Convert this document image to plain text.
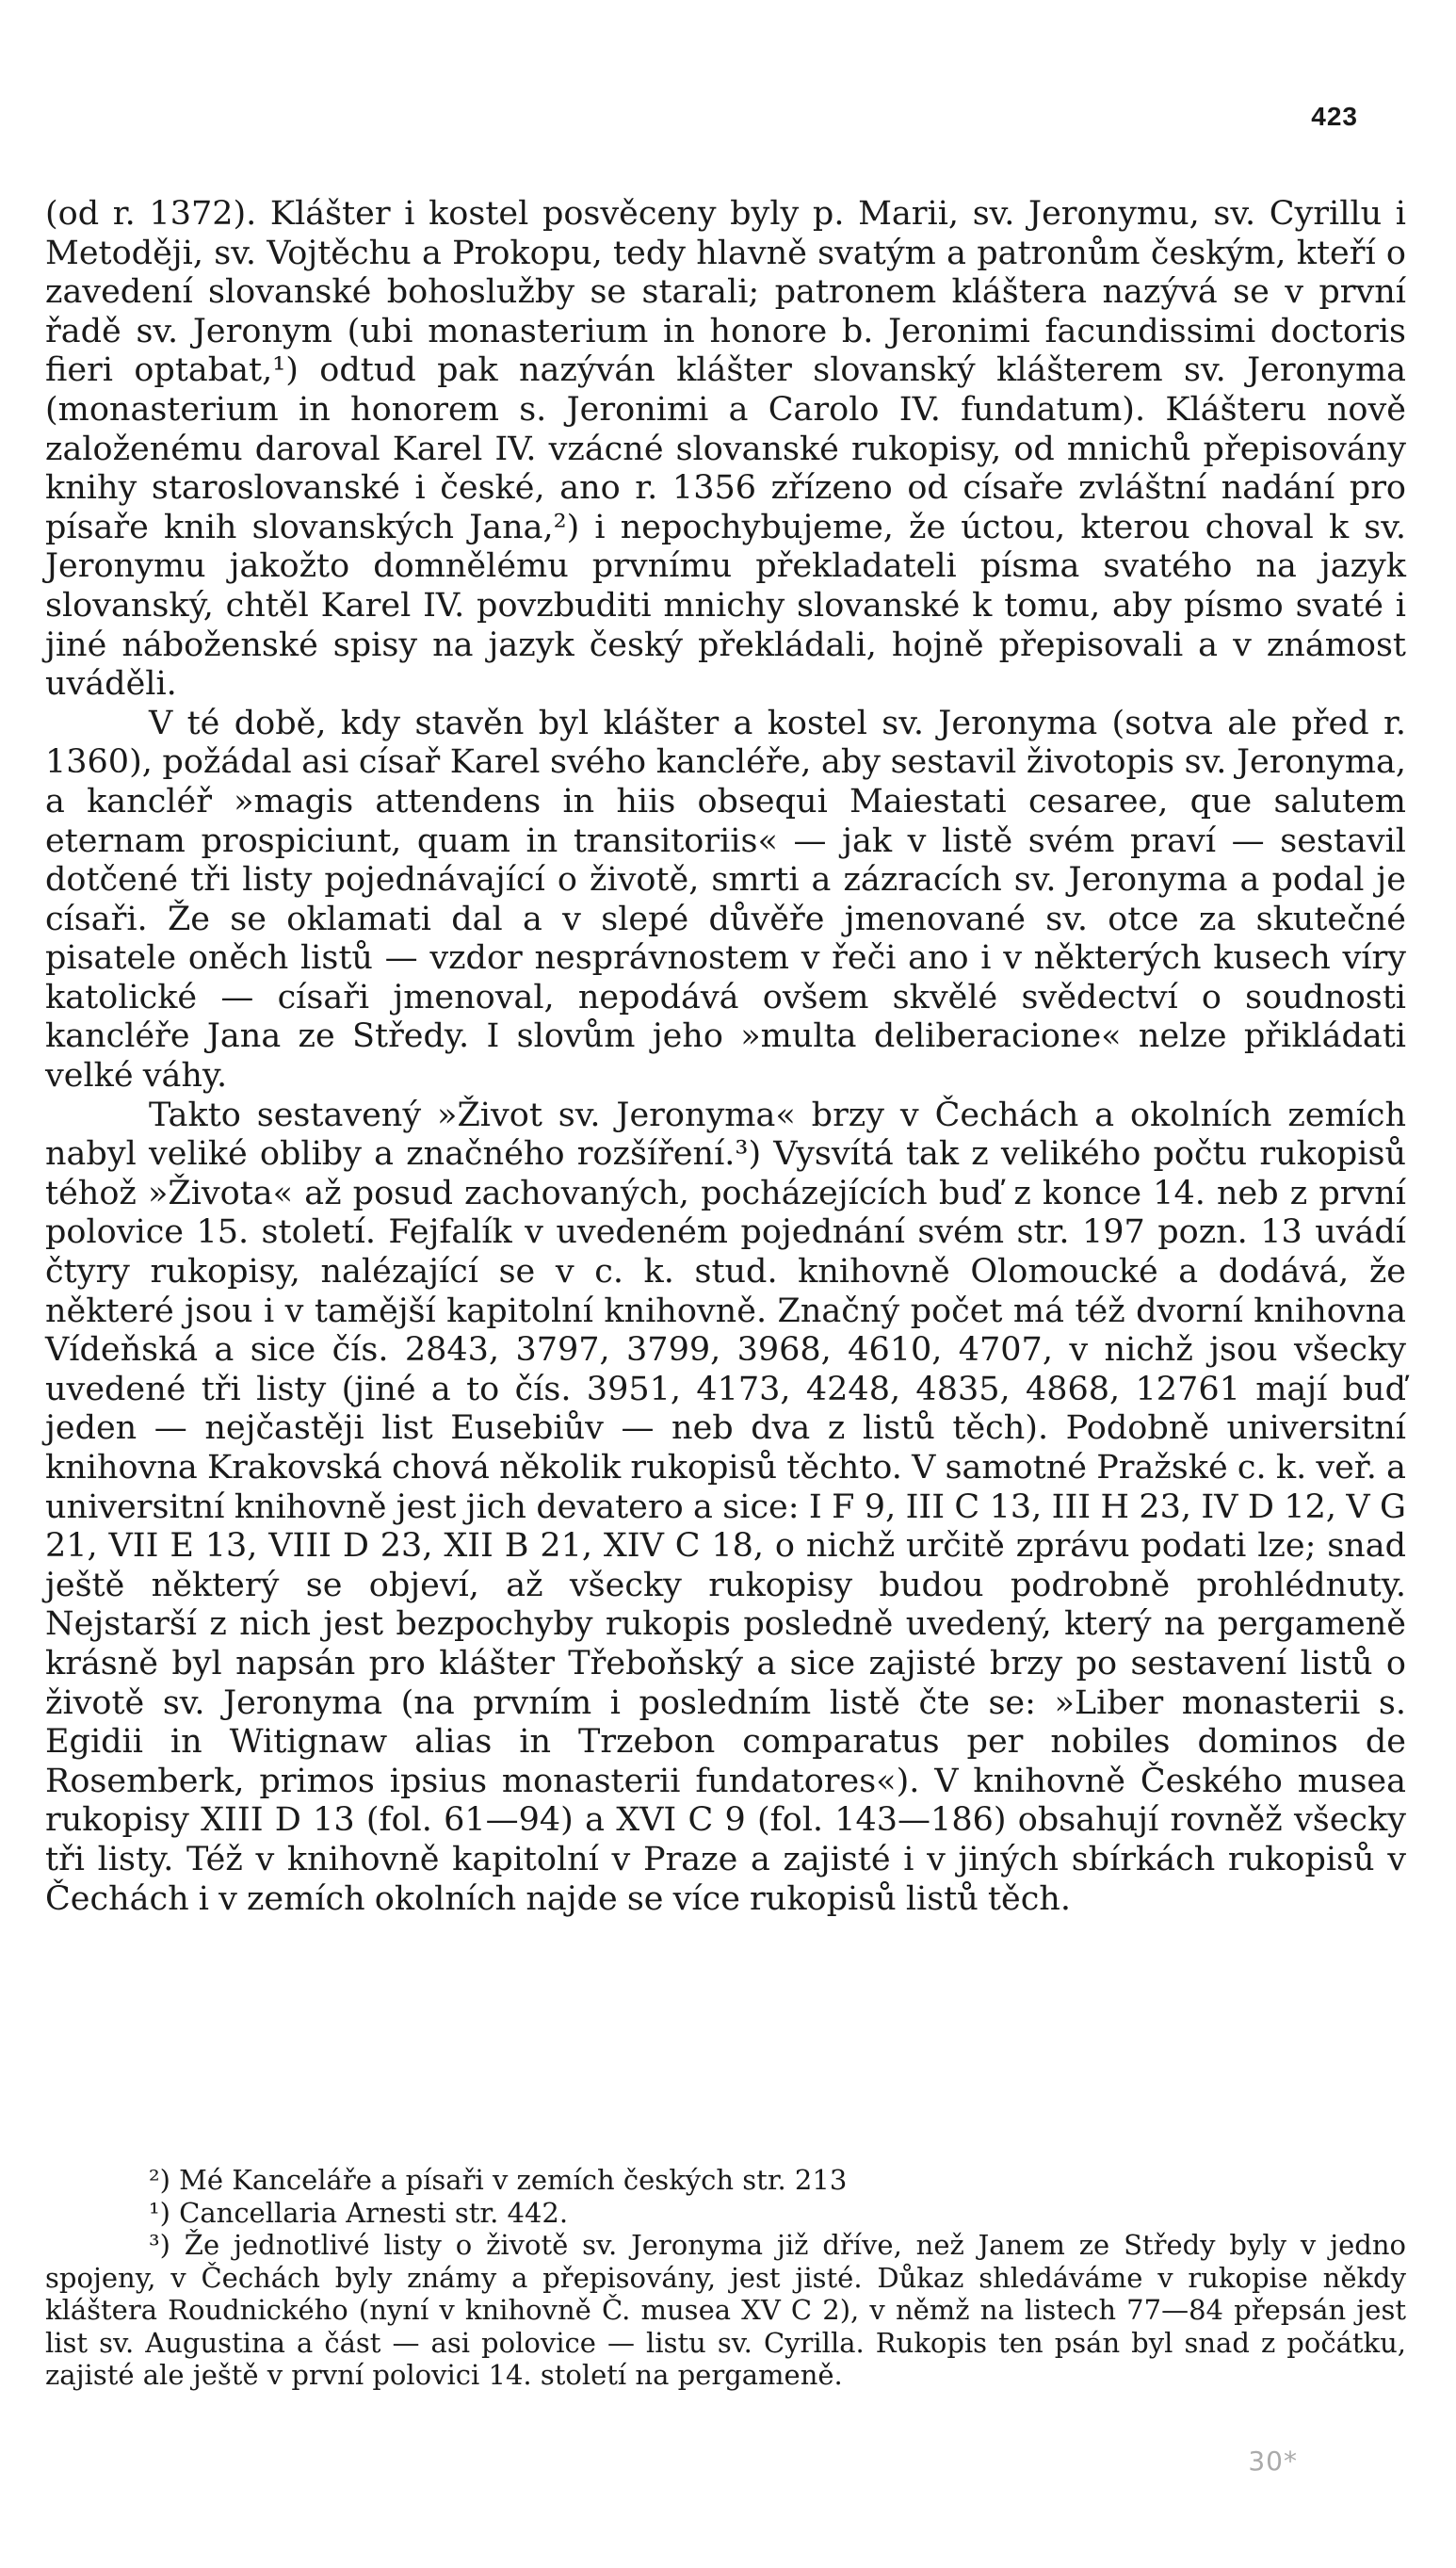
423

(od r. 1372). Klášter i kostel posvěceny byly p. Marii, sv. Jeronymu, sv. Cyrillu i Metoději, sv. Vojtěchu a Prokopu, tedy hlavně svatým a patronům českým, kteří o zavedení slovanské bohoslužby se starali; patronem kláštera nazývá se v první řadě sv. Jeronym (ubi monasterium in honore b. Jeronimi facundissimi doctoris fieri optabat,¹) odtud pak nazýván klášter slovanský klášterem sv. Jeronyma (monasterium in honorem s. Jeronimi a Carolo IV. fundatum). Klášteru nově založenému daroval Karel IV. vzácné slovanské rukopisy, od mnichů přepisovány knihy staroslovanské i české, ano r. 1356 zřízeno od císaře zvláštní nadání pro písaře knih slovanských Jana,²) i nepochybujeme, že úctou, kterou choval k sv. Jeronymu jakožto domnělému prvnímu překladateli písma svatého na jazyk slovanský, chtěl Karel IV. povzbuditi mnichy slovanské k tomu, aby písmo svaté i jiné náboženské spisy na jazyk český překládali, hojně přepisovali a v známost uváděli.

V té době, kdy stavěn byl klášter a kostel sv. Jeronyma (sotva ale před r. 1360), požádal asi císař Karel svého kancléře, aby sestavil životopis sv. Jeronyma, a kancléř »magis attendens in hiis obsequi Maiestati cesaree, que salutem eternam prospiciunt, quam in transitoriis« — jak v listě svém praví — sestavil dotčené tři listy pojednávající o životě, smrti a zázracích sv. Jeronyma a podal je císaři. Že se oklamati dal a v slepé důvěře jmenované sv. otce za skutečné pisatele oněch listů — vzdor nesprávnostem v řeči ano i v některých kusech víry katolické — císaři jmenoval, nepodává ovšem skvělé svědectví o soudnosti kancléře Jana ze Středy. I slovům jeho »multa deliberacione« nelze přikládati velké váhy.

Takto sestavený »Život sv. Jeronyma« brzy v Čechách a okolních zemích nabyl veliké obliby a značného rozšíření.³) Vysvítá tak z velikého počtu rukopisů téhož »Života« až posud zachovaných, pocházejících buď z konce 14. neb z první polovice 15. století. Fejfalík v uvedeném pojednání svém str. 197 pozn. 13 uvádí čtyry rukopisy, nalézající se v c. k. stud. knihovně Olomoucké a dodává, že některé jsou i v tamější kapitolní knihovně. Značný počet má též dvorní knihovna Vídeňská a sice čís. 2843, 3797, 3799, 3968, 4610, 4707, v nichž jsou všecky uvedené tři listy (jiné a to čís. 3951, 4173, 4248, 4835, 4868, 12761 mají buď jeden — nejčastěji list Eusebiův — neb dva z listů těch). Podobně universitní knihovna Krakovská chová několik rukopisů těchto. V samotné Pražské c. k. veř. a universitní knihovně jest jich devatero a sice: I F 9, III C 13, III H 23, IV D 12, V G 21, VII E 13, VIII D 23, XII B 21, XIV C 18, o nichž určitě zprávu podati lze; snad ještě některý se objeví, až všecky rukopisy budou podrobně prohlédnuty. Nejstarší z nich jest bezpochyby rukopis posledně uvedený, který na pergameně krásně byl napsán pro klášter Třeboňský a sice zajisté brzy po sestavení listů o životě sv. Jeronyma (na prvním i posledním listě čte se: »Liber monasterii s. Egidii in Witignaw alias in Trzebon comparatus per nobiles dominos de Rosemberk, primos ipsius monasterii fundatores«). V knihovně Českého musea rukopisy XIII D 13 (fol. 61—94) a XVI C 9 (fol. 143—186) obsahují rovněž všecky tři listy. Též v knihovně kapitolní v Praze a zajisté i v jiných sbírkách rukopisů v Čechách i v zemích okolních najde se více rukopisů listů těch.

²) Mé Kanceláře a písaři v zemích českých str. 213

¹) Cancellaria Arnesti str. 442.

³) Že jednotlivé listy o životě sv. Jeronyma již dříve, než Janem ze Středy byly v jedno spojeny, v Čechách byly známy a přepisovány, jest jisté. Důkaz shledáváme v rukopise někdy kláštera Roudnického (nyní v knihovně Č. musea XV C 2), v němž na listech 77—84 přepsán jest list sv. Augustina a část — asi polovice — listu sv. Cyrilla. Rukopis ten psán byl snad z počátku, zajisté ale ještě v první polovici 14. století na pergameně.

30*
